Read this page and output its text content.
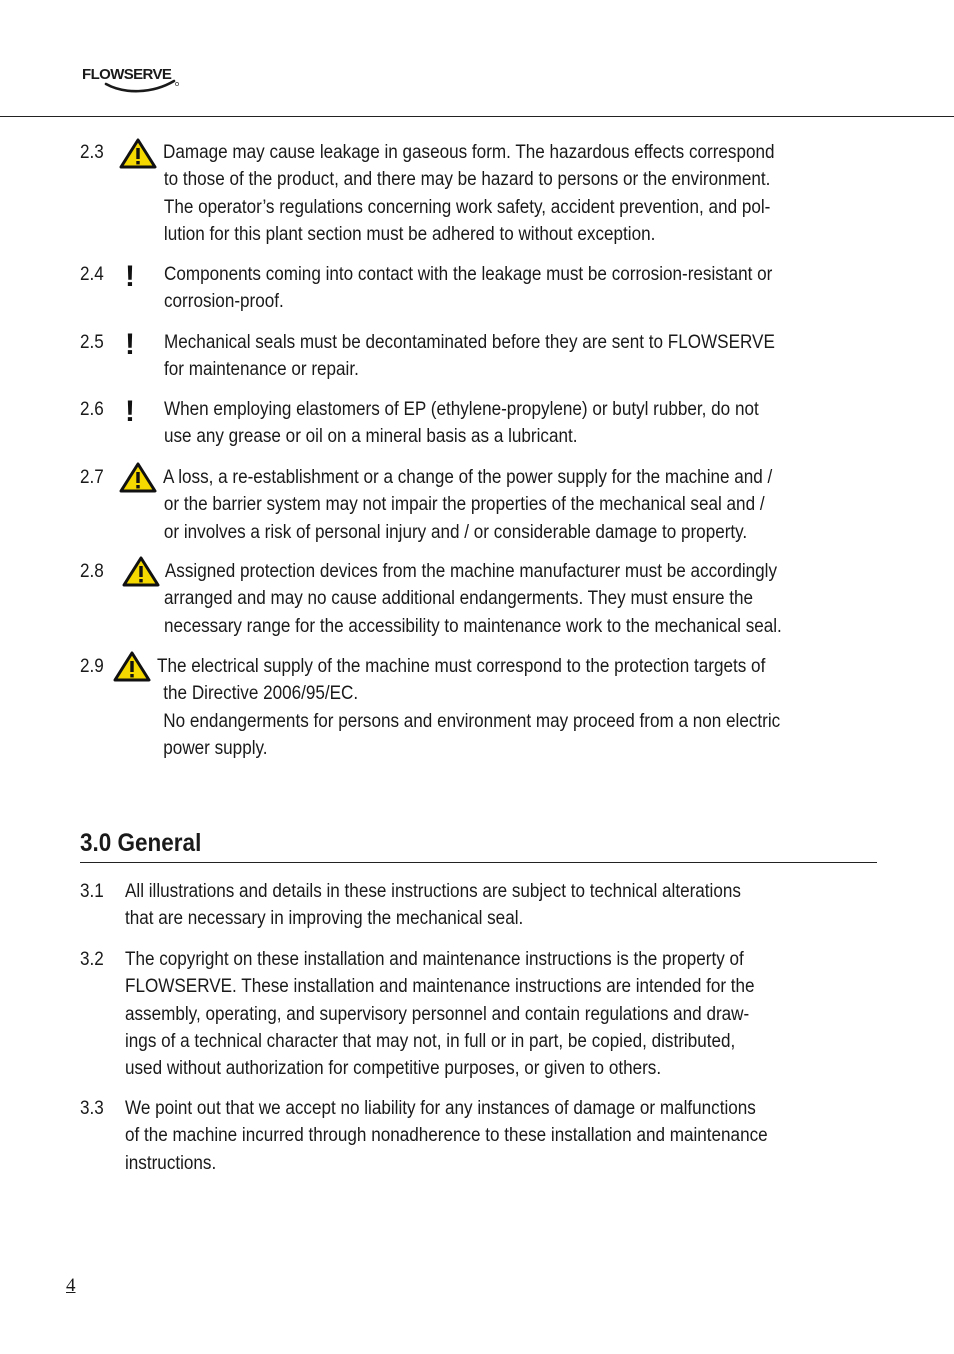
FLOWSERVE
2.3	Damage may cause leakage in gaseous form. The hazardous effects correspond
to those of the product, and there may be hazard to persons or the environment.
The operator’s regulations concerning work safety, accident prevention, and pol-
lution for this plant section must be adhered to without exception.
2.4 ! Components coming into contact with the leakage must be corrosion-resistant or
corrosion-proof.
2.5 ! Mechanical seals must be decontaminated before they are sent to FLOWSERVE
for maintenance or repair.
2.6 ! When employing elastomers of EP (ethylene-propylene) or butyl rubber, do not
use any grease or oil on a mineral basis as a lubricant.
2.7	A loss, a re-establishment or a change of the power supply for the machine and /
or the barrier system may not impair the properties of the mechanical seal and /
or involves a risk of personal injury and / or considerable damage to property.
2.8	Assigned protection devices from the machine manufacturer must be accordingly
arranged and may no cause additional endangerments. They must ensure the
necessary range for the accessibility to maintenance work to the mechanical seal.
2.9	The electrical supply of the machine must correspond to the protection targets of
the Directive 2006/95/EC.
No endangerments for persons and environment may proceed from a non electric
power supply.
3.0 General
3.1 All illustrations and details in these instructions are subject to technical alterations
that are necessary in improving the mechanical seal.
3.2 The copyright on these installation and maintenance instructions is the property of
FLOWSERVE. These installation and maintenance instructions are intended for the
assembly, operating, and supervisory personnel and contain regulations and draw-
ings of a technical character that may not, in full or in part, be copied, distributed,
used without authorization for competitive purposes, or given to others.
3.3 We point out that we accept no liability for any instances of damage or malfunctions
of the machine incurred through nonadherence to these installation and maintenance
instructions.
4
